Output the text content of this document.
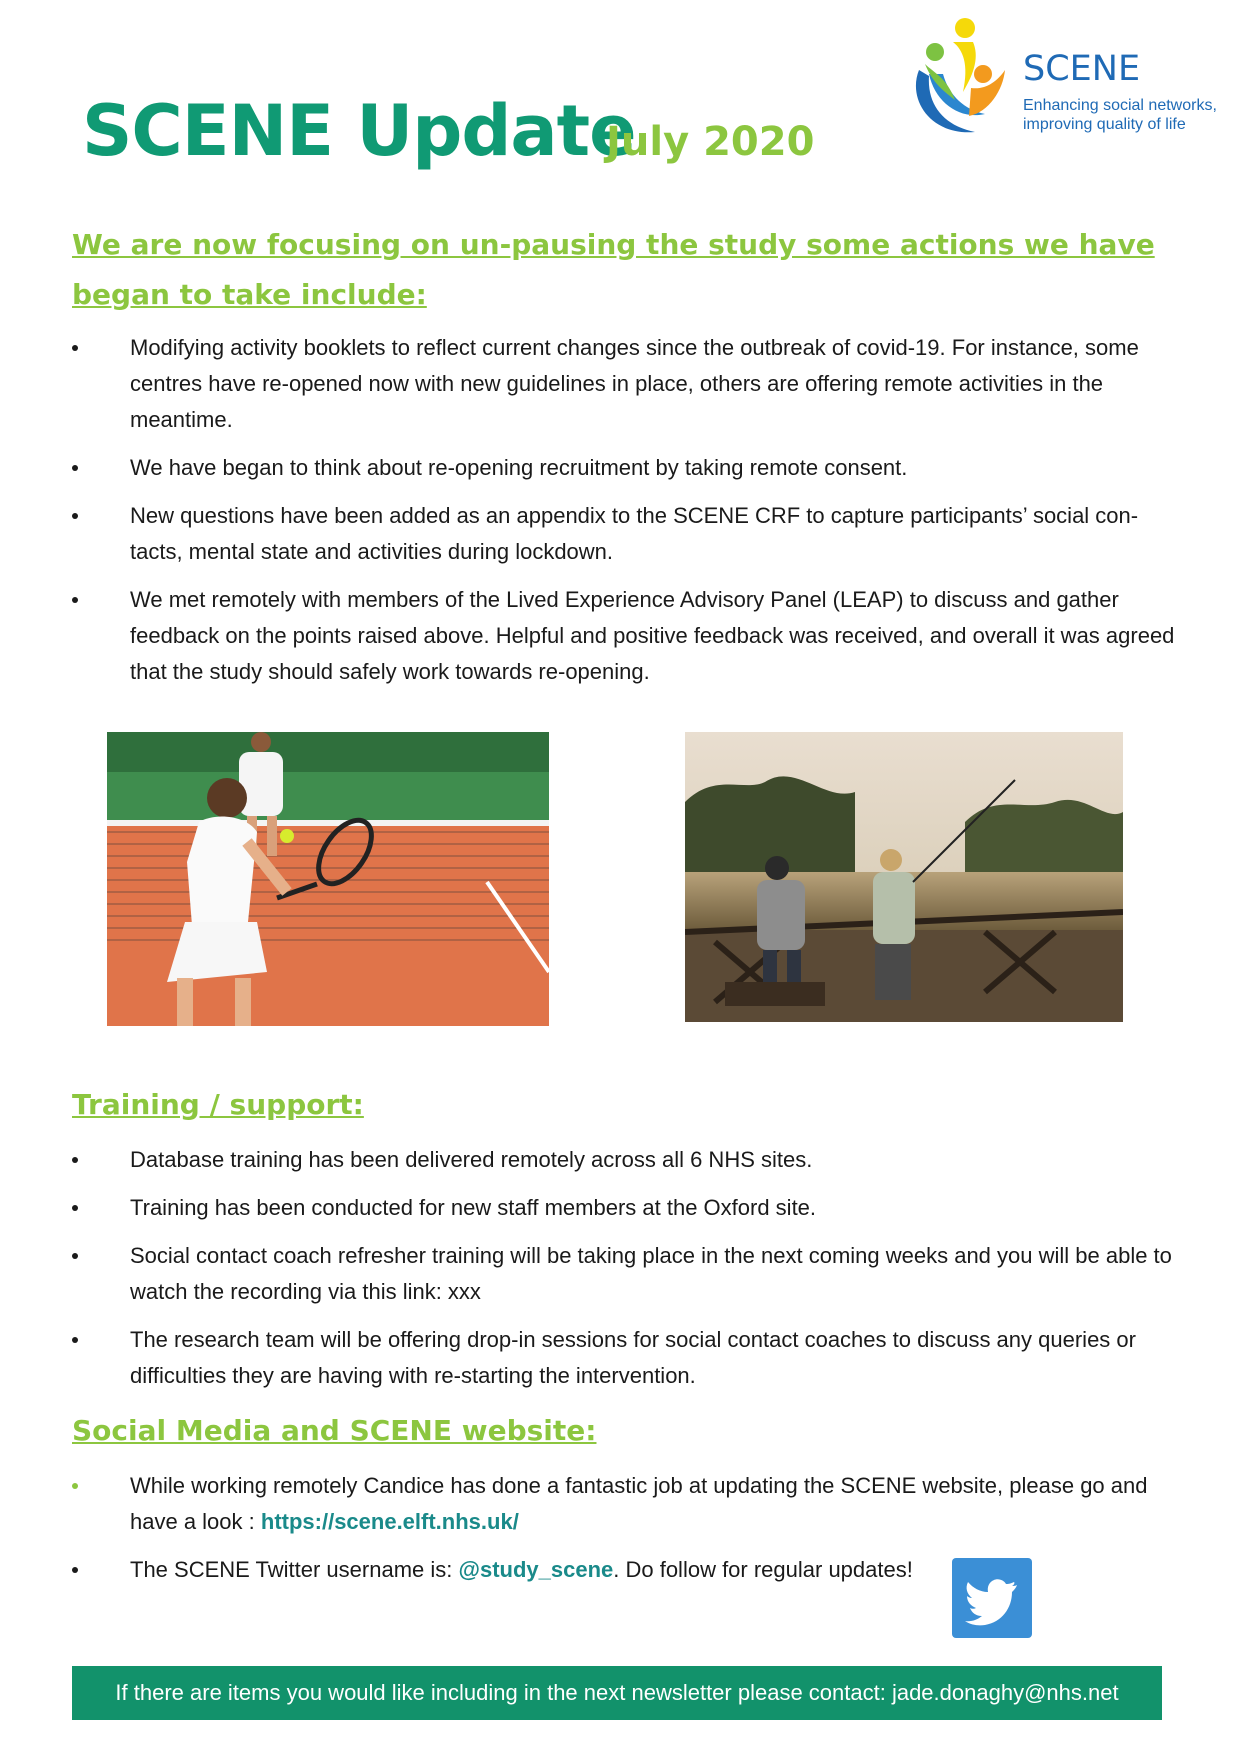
SCENE Update
July 2020
SCENE
Enhancing social networks,
improving quality of life
We are now focusing on un-pausing the study some actions we have began to take include:
Modifying activity booklets to reflect current changes since the outbreak of covid-19. For instance, some centres have re-opened now with new guidelines in place, others are offering remote activities in the meantime.
We have began to think about re-opening recruitment by taking remote consent.
New questions have been added as an appendix to the SCENE CRF to capture participants’ social con-tacts, mental state and activities during lockdown.
We met remotely with members of the Lived Experience Advisory Panel (LEAP) to discuss and gather feedback on the points raised above. Helpful and positive feedback was received, and overall it was agreed that the study should safely work towards re-opening.
Training / support:
Database training has been delivered remotely across all 6 NHS sites.
Training has been conducted for new staff members at the Oxford site.
Social contact coach refresher training will be taking place in the next coming weeks and you will be able to watch the recording via this link: xxx
The research team will be offering drop-in sessions for social contact coaches to discuss any queries or difficulties they are having with re-starting the intervention.
Social Media and SCENE website:
While working remotely Candice has done a fantastic job at updating the SCENE website, please go and have a look : https://scene.elft.nhs.uk/
The SCENE Twitter username is: @study_scene. Do follow for regular updates!
If there are items you would like including in the next newsletter please contact: jade.donaghy@nhs.net
